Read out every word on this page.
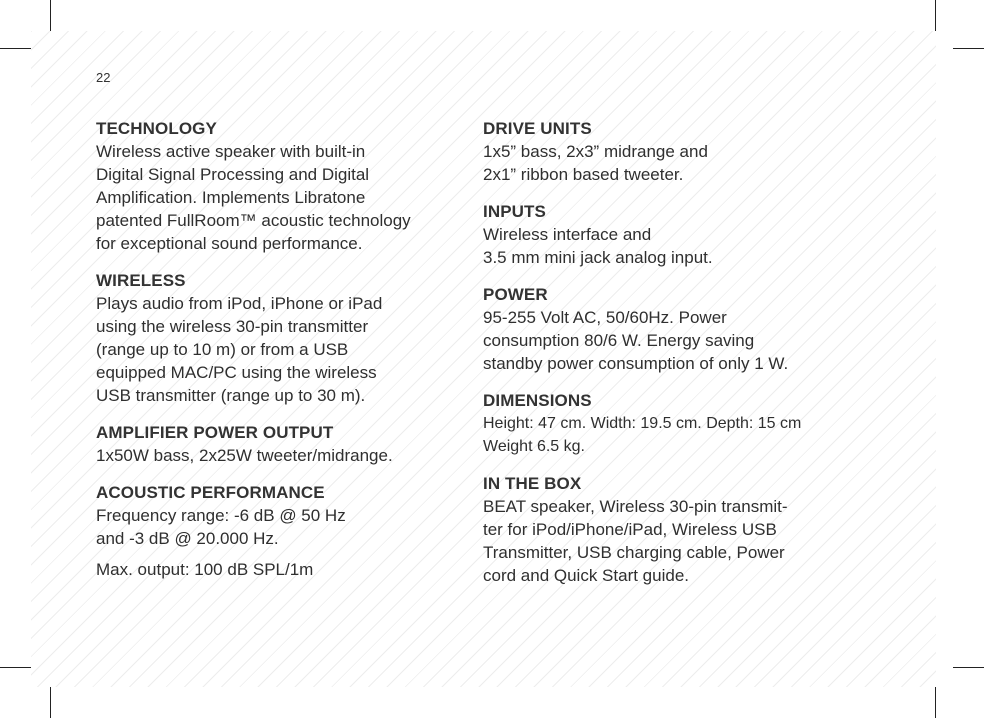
22
TECHNOLOGY

Wireless active speaker with built-in
Digital Signal Processing and Digital
Amplification. Implements Libratone
patented FullRoom™ acoustic technology
for exceptional sound performance.

WIRELESS

Plays audio from iPod, iPhone or iPad
using the wireless 30-pin transmitter
(range up to 10 m) or from a USB
equipped MAC/PC using the wireless
USB transmitter (range up to 30 m).

AMPLIFIER POWER OUTPUT

1x50W bass, 2x25W tweeter/midrange.

ACOUSTIC PERFORMANCE

Frequency range: -6 dB @ 50 Hz
and -3 dB @ 20.000 Hz.

Max. output: 100 dB SPL/1m

DRIVE UNITS

1x5” bass, 2x3” midrange and
2x1” ribbon based tweeter.

INPUTS

Wireless interface and
3.5 mm mini jack analog input.

POWER

95-255 Volt AC, 50/60Hz. Power
consumption 80/6 W. Energy saving
standby power consumption of only 1 W.

DIMENSIONS

Height: 47 cm. Width: 19.5 cm. Depth: 15 cm
Weight 6.5 kg.

IN THE BOX

BEAT speaker, Wireless 30-pin transmit-
ter for iPod/iPhone/iPad, Wireless USB
Transmitter, USB charging cable, Power
cord and Quick Start guide.
